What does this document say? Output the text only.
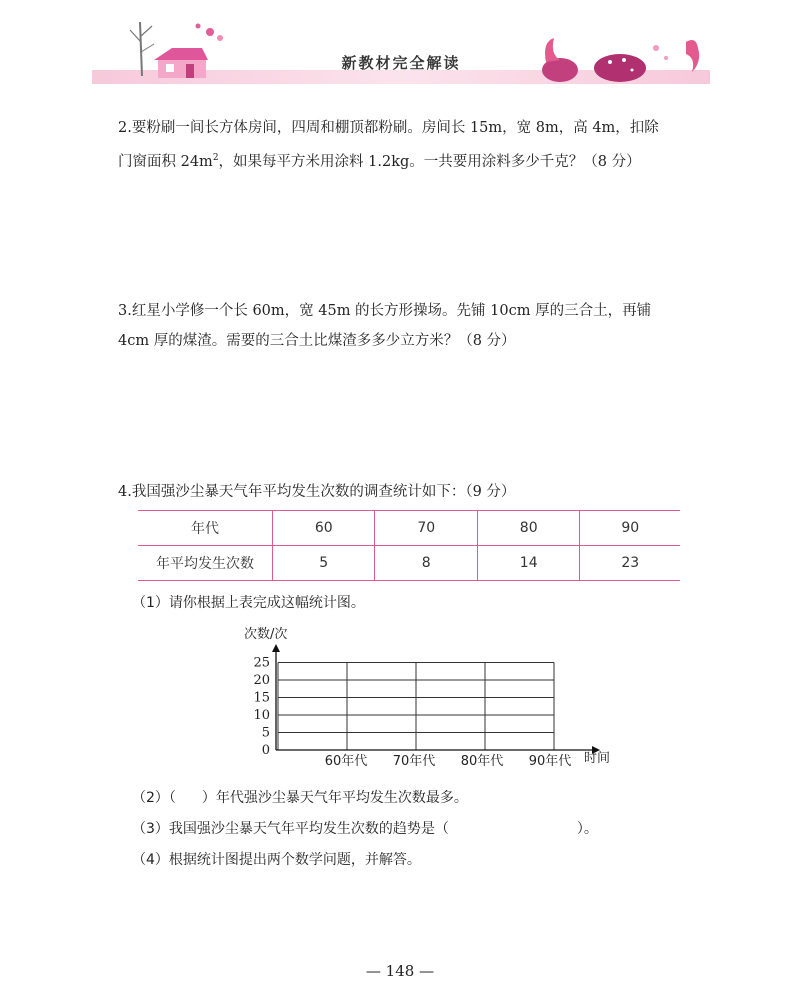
新教材完全解读

2.要粉刷一间长方体房间，四周和棚顶都粉刷。房间长 15m，宽 8m，高 4m，扣除

门窗面积 $24m^2$，如果每平方米用涂料 1.2kg。一共要用涂料多少千克？（8 分）

3.红星小学修一个长 60m，宽 45m 的长方形操场。先铺 10cm 厚的三合土，再铺

4cm 厚的煤渣。需要的三合土比煤渣多多少立方米？（8 分）

4.我国强沙尘暴天气年平均发生次数的调查统计如下：（9 分）

年代	60	70	80	90
年平均发生次数	5	8	14	23
（1）请你根据上表完成这幅统计图。
0
5
10
15
20
25
60年代 70年代 80年代 90年代
次数/次
时间
（2）（ ）年代强沙尘暴天气年平均发生次数最多。
（3）我国强沙尘暴天气年平均发生次数的趋势是（	）。
（4）根据统计图提出两个数学问题，并解答。
— 148 —
